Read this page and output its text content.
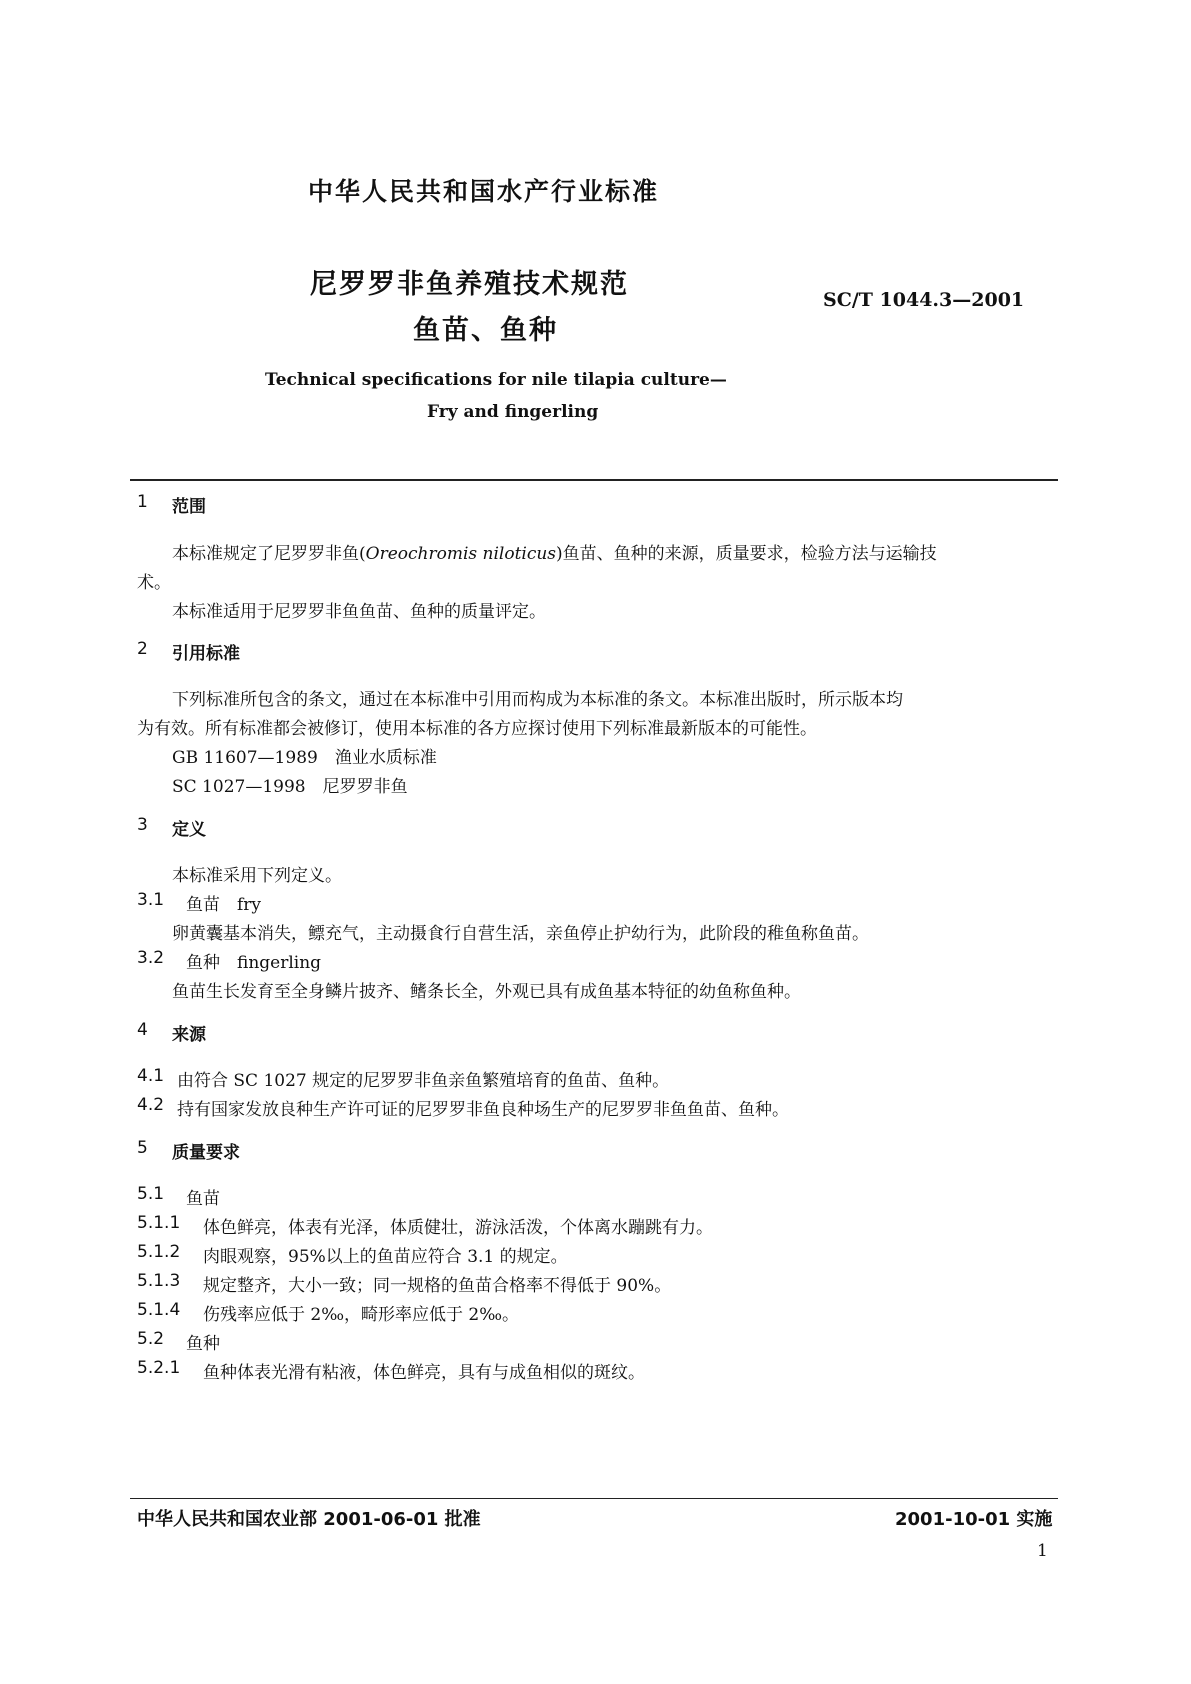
中华人民共和国水产行业标准
尼罗罗非鱼养殖技术规范
鱼苗、鱼种
SC/T 1044.3—2001
Technical specifications for nile tilapia culture—
Fry and fingerling
1 范围
本标准规定了尼罗罗非鱼(Oreochromis niloticus)鱼苗、鱼种的来源，质量要求，检验方法与运输技
术。
本标准适用于尼罗罗非鱼鱼苗、鱼种的质量评定。
2 引用标准
下列标准所包含的条文，通过在本标准中引用而构成为本标准的条文。本标准出版时，所示版本均
为有效。所有标准都会被修订，使用本标准的各方应探讨使用下列标准最新版本的可能性。
GB 11607—1989  渔业水质标准
SC 1027—1998  尼罗罗非鱼
3 定义
本标准采用下列定义。
3.1 鱼苗  fry
卵黄囊基本消失，鳔充气，主动摄食行自营生活，亲鱼停止护幼行为，此阶段的稚鱼称鱼苗。
3.2 鱼种  fingerling
鱼苗生长发育至全身鳞片披齐、鳍条长全，外观已具有成鱼基本特征的幼鱼称鱼种。
4 来源
4.1 由符合 SC 1027 规定的尼罗罗非鱼亲鱼繁殖培育的鱼苗、鱼种。
4.2 持有国家发放良种生产许可证的尼罗罗非鱼良种场生产的尼罗罗非鱼鱼苗、鱼种。
5 质量要求
5.1 鱼苗
5.1.1 体色鲜亮，体表有光泽，体质健壮，游泳活泼，个体离水蹦跳有力。
5.1.2 肉眼观察，95%以上的鱼苗应符合 3.1 的规定。
5.1.3 规定整齐，大小一致；同一规格的鱼苗合格率不得低于 90%。
5.1.4 伤残率应低于 2‰，畸形率应低于 2‰。
5.2 鱼种
5.2.1 鱼种体表光滑有粘液，体色鲜亮，具有与成鱼相似的斑纹。
中华人民共和国农业部 2001-06-01 批准	2001-10-01 实施
1
